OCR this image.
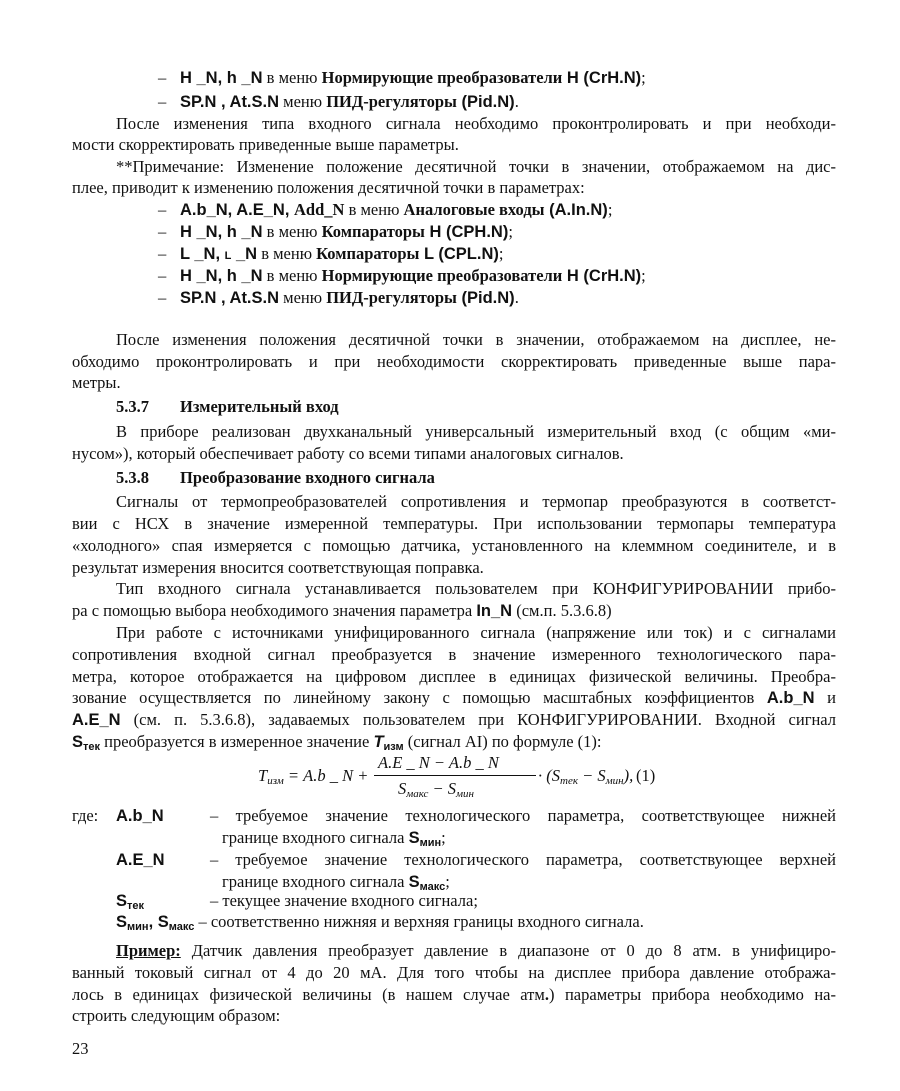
– H _N, h _N в меню Нормирующие преобразователи H (CrH.N);
– SP.N , At.S.N меню ПИД-регуляторы (Pid.N).
После изменения типа входного сигнала необходимо проконтролировать и при необходи-
мости скорректировать приведенные выше параметры.
**Примечание: Изменение положение десятичной точки в значении, отображаемом на дис-
плее, приводит к изменению положения десятичной точки в параметрах:
– A.b_N, A.E_N, Add_N в меню Аналоговые входы (A.In.N);
– H _N, h _N в меню Компараторы H (CPH.N);
– L _N, L _N в меню Компараторы L (CPL.N);
– H _N, h _N в меню Нормирующие преобразователи H (CrH.N);
– SP.N , At.S.N меню ПИД-регуляторы (Pid.N).
После изменения положения десятичной точки в значении, отображаемом на дисплее, не-
обходимо проконтролировать и при необходимости скорректировать приведенные выше пара-
метры.
5.3.7 Измерительный вход
В приборе реализован двухканальный универсальный измерительный вход (с общим «ми-
нусом»), который обеспечивает работу со всеми типами аналоговых сигналов.
5.3.8 Преобразование входного сигнала
Сигналы от термопреобразователей сопротивления и термопар преобразуются в соответст-
вии с НСХ в значение измеренной температуры. При использовании термопары температура
«холодного» спая измеряется с помощью датчика, установленного на клеммном соединителе, и в
результат измерения вносится соответствующая поправка.
Тип входного сигнала устанавливается пользователем при КОНФИГУРИРОВАНИИ прибо-
ра с помощью выбора необходимого значения параметра In_N (см.п. 5.3.6.8)
При работе с источниками унифицированного сигнала (напряжение или ток) и с сигналами
сопротивления входной сигнал преобразуется в значение измеренного технологического пара-
метра, которое отображается на цифровом дисплее в единицах физической величины. Преобра-
зование осуществляется по линейному закону с помощью масштабных коэффициентов A.b_N и
A.E_N (см. п. 5.3.6.8), задаваемых пользователем при КОНФИГУРИРОВАНИИ. Входной сигнал
Sтек преобразуется в измеренное значение Tизм (сигнал AI) по формуле (1):
Tизм = A.b _ N +
A.E _ N − A.b _ N
Sмакс − Sмин
· (Sтек − Sмин), (1)
где: A.b_N	– требуемое значение технологического параметра, соответствующее нижней
границе входного сигнала Sмин;
A.E_N	– требуемое значение технологического параметра, соответствующее верхней
границе входного сигнала Sмакс;
Sтек	– текущее значение входного сигнала;
Sмин, Sмакс – соответственно нижняя и верхняя границы входного сигнала.
Пример: Датчик давления преобразует давление в диапазоне от 0 до 8 атм. в унифициро-
ванный токовый сигнал от 4 до 20 мА. Для того чтобы на дисплее прибора давление отобража-
лось в единицах физической величины (в нашем случае атм.) параметры прибора необходимо на-
строить следующим образом:
23
